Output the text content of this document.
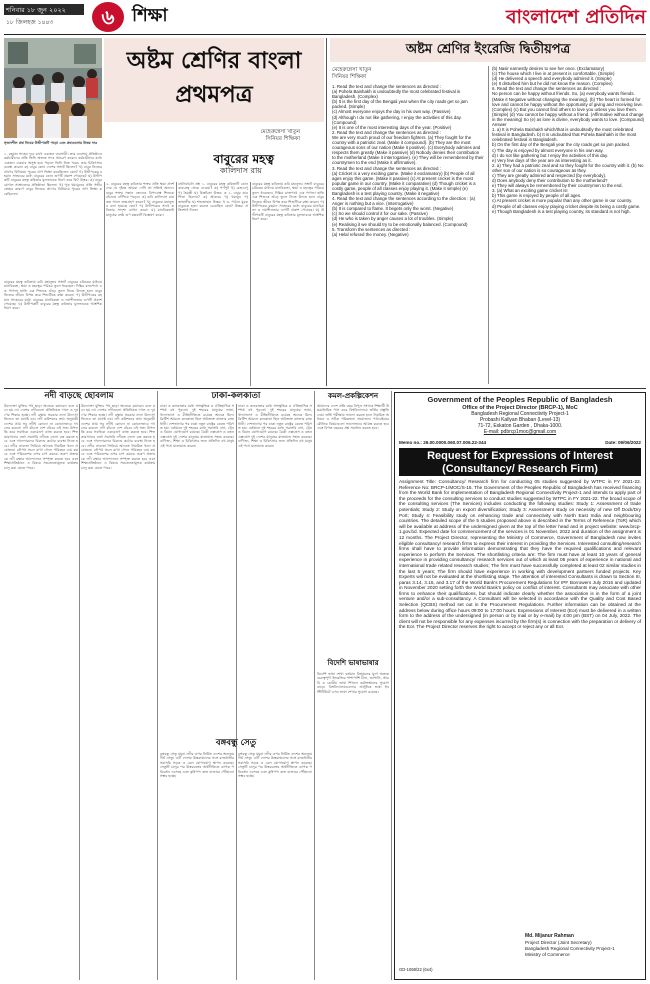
শনিবার ১৮ জুন ২০২২
১৮ জিলহজ ১৪৪৩	৬ শিক্ষা	বাংলাদেশ প্রতিদিন
অষ্টম শ্রেণির বাংলা প্রথমপত্র
মেহেরুন্নেসা খাতুন
সিনিয়র শিক্ষিকা
বাবুরের মহত্ব
কালিদাস রায়
সৃজনশীল প্রশ্ন নিচের উদ্দীপকটি পড়ো এবং প্রশ্নগুলোর উত্তর দাও
১. রহমান সাহেব দুবে রাখে একজন ব্যবসায়ী। তার ব্যবসায় প্রতিষ্ঠানে কর্মচারীদের প্রতি তিনি অত্যন্ত সদয় আচরণ করেন। কর্মচারীদের মধ্যে একজন একবার অসুস্থ হয়ে পড়লে তিনি নিজ খরচে তার চিকিৎসার ব্যবস্থা করেন। ক) বাবুর কোন দেশের সম্রাট ছিলেন? খ) বাবুর নিজের প্রাণের বিনিময়ে পুত্রের প্রাণ ভিক্ষা করেছিলেন কেন? গ) উদ্দীপকের রহমান সাহেবের মধ্যে বাবুরের কোন গুণটি প্রকাশ পেয়েছে? ঘ) উদ্দীপকটি বাবুরের মহত্ব কবিতার মূলভাবকে ধারণ করে কি? উত্তর: ক) বাবুর মোগল সাম্রাজ্যের প্রতিষ্ঠাতা ছিলেন। খ) পুত্র হুমায়ুনের প্রতি গভীর স্নেহের কারণে বাবুর নিজের প্রাণের বিনিময়ে পুত্রের প্রাণ ভিক্ষা করেছিলেন।
বাবুরের মহত্ব কবিতায় কবি মহানুভব সম্রাট বাবুরের চরিত্রের মাধ্যমে মানবিকতা, ক্ষমা ও মহত্বের পরিচয় তুলে ধরেছেন। দিল্লির রাজপথে এক পাগলা হাতি এক শিশুকে শুঁড়ে তুলে নিতে উদ্যত হলে বাবুর নিজের জীবন বিপন্ন করে শিশুটিকে রক্ষা করেন। গ) উদ্দীপকের রহমান সাহেবের মধ্যে বাবুরের মানবিকতা ও দয়াশীলতার গুণটি প্রকাশ পেয়েছে। ঘ) উদ্দীপকটি বাবুরের মহত্ব কবিতার মূলভাবকে আংশিক ধারণ করে।
২. বাবুরের মহত্ব কবিতায় শত্রুর প্রতি ক্ষমা প্রদর্শনের যে দৃষ্টান্ত আমরা দেখি তা সত্যিই অনন্য। বাবুর শত্রুর সন্তান জেনেও বিপদগ্রস্ত শিশুকে বাঁচাতে ঝাঁপিয়ে পড়েন। ক) কবি কালিদাস রায় কত সালে জন্মগ্রহণ করেন? খ) বাবুরকে মহানুভব বলা হয়েছে কেন? গ) উদ্দীপকের সাথে কবিতার সাদৃশ্য ব্যাখ্যা করো। ঘ) মানবিকতাই মানুষের শ্রেষ্ঠ গুণ মন্তব্যটি বিশ্লেষণ করো।
বহুনির্বাচনি প্রশ্ন ১. বাবুরের মহত্ব কবিতাটি কোন কাব্যগ্রন্থ থেকে নেওয়া? ক) পর্ণপুট খ) ব্রজবেণু গ) হৈমন্তী ঘ) চিত্তচিতা উত্তর: ক ২. বাবুর কার পিতা ছিলেন? ক) আকবর খ) হুমায়ুন গ) জাহাঙ্গীর ঘ) শাহজাহান উত্তর: খ ৩. পাঠান যুবক বাবুরকে হত্যা করতে চেয়েছিল কেন? উত্তর: প্রতিশোধ নিতে।
বাবুরের মহত্ব কবিতায় কবি মহানুভব সম্রাট বাবুরের চরিত্রের মাধ্যমে মানবিকতা, ক্ষমা ও মহত্বের পরিচয় তুলে ধরেছেন। দিল্লির রাজপথে এক পাগলা হাতি এক শিশুকে শুঁড়ে তুলে নিতে উদ্যত হলে বাবুর নিজের জীবন বিপন্ন করে শিশুটিকে রক্ষা করেন। গ) উদ্দীপকের রহমান সাহেবের মধ্যে বাবুরের মানবিকতা ও দয়াশীলতার গুণটি প্রকাশ পেয়েছে। ঘ) উদ্দীপকটি বাবুরের মহত্ব কবিতার মূলভাবকে আংশিক ধারণ করে।
অষ্টম শ্রেণির ইংরেজি দ্বিতীয়পত্র
মেহেরুন্নেসা খাতুন
সিনিয়র শিক্ষিকা
1. Read the text and change the sentences as directed :
(a) Pohela Baishakh is undoubtedly the most celebrated festival in Bangladesh. (Complex)
(b) It is the first day of the Bengali year when the city roads get so jam packed. (Simple)
(c) Almost everyone enjoys the day in his own way. (Passive)
(d) Although I do not like gathering, I enjoy the activities of this day. (Compound)
(e) It is one of the most interesting days of the year. (Positive)
2. Read the text and change the sentences as directed :
We are very much proud of our freedom fighters. (a) They fought for the country with a patriotic zeal. (Make it compound). (b) They are the most courageous sons of our nation (Make it positive). (c) Everybody admires and respects them greatly (Make it passive) (d) Nobody denies their contribution to the motherland (Make it interrogative). (e) They will be remembered by their countrymen to the end (Make it affirmative).
3. Read the text and change the sentences as directed :
(a) Cricket is a very exciting game. (Make it exclamatory) (b) People of all ages enjoy this game. (Make it passive) (c) At present cricket is the most popular game in our country. (Make it comparative) (d) Though cricket is a costly game, people of all classes enjoy playing it. (Make it simple) (e) Bangladesh is a test playing country. (Make it negative)
4. Read the text and change the sentences according to the direction : (a) Anger is nothing but a vice. (Interrogative)
(b) It is compared to flame. It begets only the worst. (Negative)
(c) So we should control it for our sake. (Passive)
(d) He who is taken by anger causes a lot of troubles. (Simple)
(e) Realising it we should try to be emotionally balanced. (Compound)
5. Transform the sentences as directed :
(a) Helal refused the money. (Negative)
(b) Nasir earnestly desires to see her once. (Exclamatory)
(c) The house which I live in at present is comfortable. (Simple)
(d) He delivered a speech and everybody admired it. (Simple)
(e) It disturbed him but he did not know the reason. (Complex)
6. Read the text and change the sentences as directed :
No person can be happy without friends. So, (a) everybody wants friends. (Make it Negative without changing the meaning). (b) The heart is formed for love and cannot be happy without the opportunity of giving and receiving love. (Complex) (c) But you cannot find others to love you unless you love them. (Simple) (d) You cannot be happy without a friend. (Affirmative without change in the meaning) So (e) as love is divine, everybody wants to love. (Compound)
Answer
1. a) It is Pohela Baishakh which/that is undoubtedly the most celebrated festival in Bangladesh. b) It is undoubted that Pohela Baishakh is the most celebrated festival in Bangladesh.
b) On the first day of the Bengali year the city roads get so jam packed.
c) The day is enjoyed by almost everyone in his own way.
d) I do not like gathering but I enjoy the activities of this day.
e) Very few days of the year are as interesting as it.
2. a) They had a patriotic zeal and so they fought for the country with it. (b) No other son of our nation is so courageous as they.
c) They are greatly admired and respected (by everybody).
d) Does anybody deny their contribution to the motherland?
e) They will always be remembered by their countrymen to the end.
3. (a) What an exciting game cricket is!
b) This game is enjoyed by people of all ages.
c) At present cricket is more popular than any other game in our country.
d) People of all classes enjoy playing cricket despite its being a costly game.
e) Though Bangladesh is a test playing country, its standard is not high.
নদী বাড়ছে ছোবলাম
উদ্যোক্তা মুক্তির পথ ছাড়া অনেকে কমাবেন বলে মনে হয় না। দেশের নদীগুলো প্রতিনিয়ত দখল ও দূষণের শিকার হচ্ছে। নদী রক্ষায় সরকার নানা উদ্যোগ নিলেও তা যথেষ্ট নয়। নদী কমিশনের তথ্য অনুযায়ী দেশের প্রায় সব নদীই কোনো না কোনোভাবে দখলের কবলে। নদী বাঁচলে দেশ বাঁচবে এই সত্য উপলব্ধি করে সবাইকে একযোগে কাজ করতে হবে। শিল্পকারখানার বর্জ্য সরাসরি নদীতে ফেলা বন্ধ করতে হবে এবং দখলদারদের বিরুদ্ধে কঠোর ব্যবস্থা নিতে হবে। নদীর নাব্যতা ফিরিয়ে আনতে নিয়মিত খনন প্রয়োজন। নৌপথ সচল রাখা গেলে পরিবহন ব্যয় কমবে এবং পরিবেশের ওপর চাপ কমবে। তরুণ প্রজন্মকে নদী রক্ষার আন্দোলনে সম্পৃক্ত করতে হবে এবং শিক্ষাপ্রতিষ্ঠানে এ বিষয়ে সচেতনতামূলক কার্যক্রম চালু করা যেতে পারে।
উদ্যোক্তা মুক্তির পথ ছাড়া অনেকে কমাবেন বলে মনে হয় না। দেশের নদীগুলো প্রতিনিয়ত দখল ও দূষণের শিকার হচ্ছে। নদী রক্ষায় সরকার নানা উদ্যোগ নিলেও তা যথেষ্ট নয়। নদী কমিশনের তথ্য অনুযায়ী দেশের প্রায় সব নদীই কোনো না কোনোভাবে দখলের কবলে। নদী বাঁচলে দেশ বাঁচবে এই সত্য উপলব্ধি করে সবাইকে একযোগে কাজ করতে হবে। শিল্পকারখানার বর্জ্য সরাসরি নদীতে ফেলা বন্ধ করতে হবে এবং দখলদারদের বিরুদ্ধে কঠোর ব্যবস্থা নিতে হবে। নদীর নাব্যতা ফিরিয়ে আনতে নিয়মিত খনন প্রয়োজন। নৌপথ সচল রাখা গেলে পরিবহন ব্যয় কমবে এবং পরিবেশের ওপর চাপ কমবে। তরুণ প্রজন্মকে নদী রক্ষার আন্দোলনে সম্পৃক্ত করতে হবে এবং শিক্ষাপ্রতিষ্ঠানে এ বিষয়ে সচেতনতামূলক কার্যক্রম চালু করা যেতে পারে।
ঢাকা-কলকাতা
ঢাকা ও কলকাতার মধ্যে সাংস্কৃতিক ও ঐতিহাসিক সম্পর্ক বহু পুরনো। দুই শহরের মানুষের ভাষা, খাদ্যাভ্যাস ও রীতিনীতিতে রয়েছে অনেক মিল। ব্রিটিশ আমলে কলকাতা ছিল অবিভক্ত বাংলার রাজধানী। দেশভাগের পর ঢাকা নতুন রাষ্ট্রের কেন্দ্রে পরিণত হয়। বর্তমানে দুই শহরের মধ্যে সরাসরি বাস, ট্রেন ও বিমান যোগাযোগ রয়েছে। মৈত্রী এক্সপ্রেস ও বন্ধন এক্সপ্রেস দুই দেশের মানুষের যাতায়াত সহজ করেছে। বাণিজ্য, শিক্ষা ও চিকিৎসার জন্য প্রতিদিন বহু মানুষ এই পথে যাতায়াত করেন।
ঢাকা ও কলকাতার মধ্যে সাংস্কৃতিক ও ঐতিহাসিক সম্পর্ক বহু পুরনো। দুই শহরের মানুষের ভাষা, খাদ্যাভ্যাস ও রীতিনীতিতে রয়েছে অনেক মিল। ব্রিটিশ আমলে কলকাতা ছিল অবিভক্ত বাংলার রাজধানী। দেশভাগের পর ঢাকা নতুন রাষ্ট্রের কেন্দ্রে পরিণত হয়। বর্তমানে দুই শহরের মধ্যে সরাসরি বাস, ট্রেন ও বিমান যোগাযোগ রয়েছে। মৈত্রী এক্সপ্রেস ও বন্ধন এক্সপ্রেস দুই দেশের মানুষের যাতায়াত সহজ করেছে। বাণিজ্য, শিক্ষা ও চিকিৎসার জন্য প্রতিদিন বহু মানুষ এই পথে যাতায়াত করেন।
বঙ্গবন্ধু সেতু
বঙ্গবন্ধু সেতু যমুনা নদীর ওপর নির্মিত দেশের অন্যতম দীর্ঘ সেতু। এটি দেশের উত্তরাঞ্চলের সঙ্গে রাজধানীর সরাসরি সড়ক ও রেল যোগাযোগ স্থাপন করেছে। সেতুটি চালুর পর উত্তরবঙ্গের অর্থনীতিতে ব্যাপক পরিবর্তন এসেছে এবং কৃষিপণ্য দ্রুত বাজারে পৌঁছানো সম্ভব হচ্ছে।
বঙ্গবন্ধু সেতু যমুনা নদীর ওপর নির্মিত দেশের অন্যতম দীর্ঘ সেতু। এটি দেশের উত্তরাঞ্চলের সঙ্গে রাজধানীর সরাসরি সড়ক ও রেল যোগাযোগ স্থাপন করেছে। সেতুটি চালুর পর উত্তরবঙ্গের অর্থনীতিতে ব্যাপক পরিবর্তন এসেছে এবং কৃষিপণ্য দ্রুত বাজারে পৌঁছানো সম্ভব হচ্ছে।
কমল-প্রকল্পিকেশন
আমাদের দেশে প্রতি বছর বিপুল সংখ্যক শিক্ষার্থী উচ্চমাধ্যমিক পাস করে বিশ্ববিদ্যালয়ে ভর্তির প্রস্তুতি নেয়। ভর্তি পরীক্ষায় ভালো করতে হলে নিয়মিত অধ্যয়ন ও সঠিক পরিকল্পনা প্রয়োজন। পাঠ্যবইয়ের মৌলিক বিষয়গুলো ভালোভাবে আয়ত্ত করতে হবে এবং বিগত বছরের প্রশ্ন সমাধান করতে হবে।
বিদেশি ভাষাভাষার
বিদেশি ভাষা শেখা বর্তমান বিশ্বায়নের যুগে অত্যন্ত গুরুত্বপূর্ণ। ইংরেজির পাশাপাশি চীনা, জাপানি, আরবি ও কোরীয় ভাষা শিখলে কর্মসংস্থানের সুযোগ বাড়ে। বিশ্ববিদ্যালয়গুলোর আধুনিক ভাষা ইনস্টিটিউটে এসব ভাষা শেখার সুযোগ রয়েছে।
Government of the Peoples Republic of Bangladesh
Office of the Project Director (BRCP-1), MoC
Bangladesh Regional Connectivity Project-1
Probashi Kallyan Bhaban (Level-13)
71-72, Eskaton Garden , Dhaka-1000.
E-mail: pdbrcp1moc@gmail.com
Memo no.: 26.00.0000.060.07.006.22-344	Date: 09/06/2022
Request for Expressions of Interest
(Consultancy/ Research Firm)
Assignment Title: Consultancy/ Research firm for conducting 05 studies suggested by WTPC in FY 2021-22. Reference No: BRCP-1/MOC/S-15. The Government of the Peoples Republic of Bangladesh has received financing from the World Bank for implementation of Bangladesh Regional Connectivity Project-1 and intends to apply part of the proceeds for the consulting services to conduct studies suggested by WTPC in FY 2021-22. The broad scope of the consulting services (The Services) includes conducting the following studies: Study 1: Assessment of trade potentials; Study 2: Study on export diversification; Study 3: Assessment study on necessity of new Off Dock/Dry Port; Study 4: Feasibility study on enhancing trade and connectivity with North East India and neighbouring countries. The detailed scope of the 5 studies proposed above is described in the Terms of Reference (ToR) which will be available at address of the undersigned given at the top of the letter head and in project website: www.brcp-1.gov.bd. Expected date for commencement of the services is 01 November, 2022 and duration of the assignment is 12 months. The Project Director, representing the Ministry of Commerce, Government of Bangladesh now invites eligible consultancy/ research firms to express their interest in providing the Services. Interested consulting/research firms shall have to provide information demonstrating that they have the required qualifications and relevant experience to perform the Services. The shortlisting criteria are: The firm must have at least 10 years of general experience in providing consultancy/ research services out of which at least 05 years of experience in national and international trade related research studies; The firm must have successfully completed at least 02 similar studies in the last 5 years; The firm should have experience in working with development partners funded projects. Key Experts will not be evaluated at the shortlisting stage. The attention of interested Consultants is drawn to Section III, paras 3.14, 3.16, and 3.17 of the World Bank's Procurement Regulations for IPF Borrowers July 2016 and updated in November 2020 setting forth the World Bank's policy on conflict of interest. Consultants may associate with other firms to enhance their qualifications, but should indicate clearly whether the association is in the form of a joint venture and/or a sub-consultancy. A Consultant will be selected in accordance with the Quality and Cost Based Selection (QCBS) method set out in the Procurement Regulations. Further information can be obtained at the address below during office hours 09:00 to 17:00 hours. Expressions of Interest (EoI) must be delivered in a written form to the address of the undersigned (in person or by mail or by e-mail) by 4:00 pm (BST) on 04 July, 2022. The client will not be responsible for any expenses incurred by the firm(s) in connection with the preparation or delivery of the EoI. The Project Director reserves the right to accept or reject any or all EoI.
Md. Mijanur Rahman
Project Director (Joint Secretary)
Bangladesh Regional Connectivity Project-1
Ministry of Commerce
GD-1068/22 (6x4)
